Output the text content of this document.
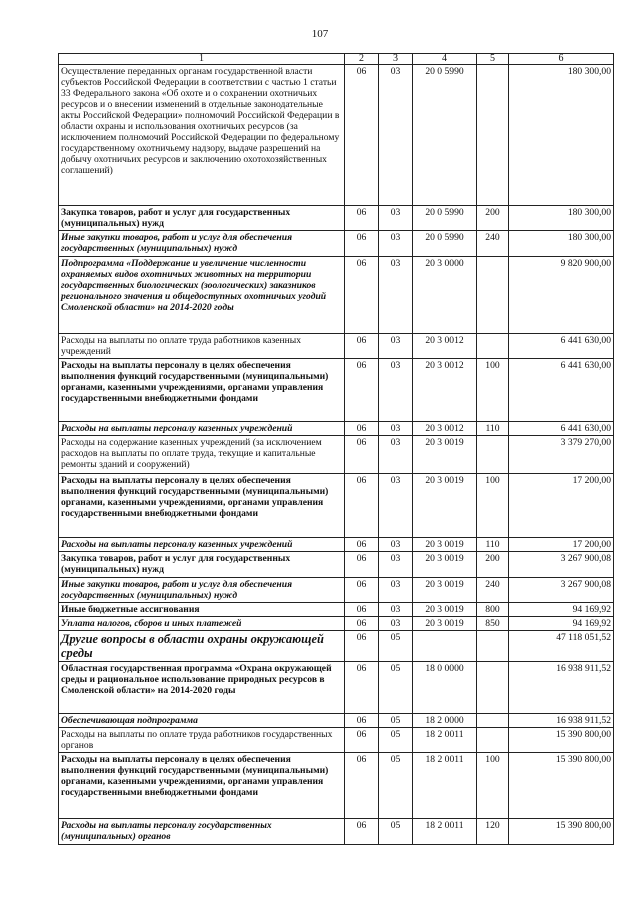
107
1	2	3	4	5	6
Осуществление переданных органам государственной власти субъектов Российской Федерации в соответствии с частью 1 статьи 33 Федерального закона «Об охоте и о сохранении охотничьих ресурсов и о внесении изменений в отдельные законодательные акты Российской Федерации» полномочий Российской Федерации в области охраны и использования охотничьих ресурсов (за исключением полномочий Российской Федерации по федеральному государственному охотничьему надзору, выдаче разрешений на добычу охотничьих ресурсов и заключению охотохозяйственных соглашений)	06	03	20 0 5990		180 300,00
Закупка товаров, работ и услуг для государственных (муниципальных) нужд	06	03	20 0 5990	200	180 300,00
Иные закупки товаров, работ и услуг для обеспечения государственных (муниципальных) нужд	06	03	20 0 5990	240	180 300,00
Подпрограмма «Поддержание и увеличение численности охраняемых видов охотничьих животных на территории государственных биологических (зоологических) заказников регионального значения и общедоступных охотничьих угодий Смоленской области» на 2014-2020 годы	06	03	20 3 0000		9 820 900,00
Расходы на выплаты по оплате труда работников казенных учреждений	06	03	20 3 0012		6 441 630,00
Расходы на выплаты персоналу в целях обеспечения выполнения функций государственными (муниципальными) органами, казенными учреждениями, органами управления государственными внебюджетными фондами	06	03	20 3 0012	100	6 441 630,00
Расходы на выплаты персоналу казенных учреждений	06	03	20 3 0012	110	6 441 630,00
Расходы на содержание казенных учреждений (за исключением расходов на выплаты по оплате труда, текущие и капитальные ремонты зданий и сооружений)	06	03	20 3 0019		3 379 270,00
Расходы на выплаты персоналу в целях обеспечения выполнения функций государственными (муниципальными) органами, казенными учреждениями, органами управления государственными внебюджетными фондами	06	03	20 3 0019	100	17 200,00
Расходы на выплаты персоналу казенных учреждений	06	03	20 3 0019	110	17 200,00
Закупка товаров, работ и услуг для государственных (муниципальных) нужд	06	03	20 3 0019	200	3 267 900,08
Иные закупки товаров, работ и услуг для обеспечения государственных (муниципальных) нужд	06	03	20 3 0019	240	3 267 900,08
Иные бюджетные ассигнования	06	03	20 3 0019	800	94 169,92
Уплата налогов, сборов и иных платежей	06	03	20 3 0019	850	94 169,92
Другие вопросы в области охраны окружающей среды	06	05			47 118 051,52
Областная государственная программа «Охрана окружающей среды и рациональное использование природных ресурсов в Смоленской области» на 2014-2020 годы	06	05	18 0 0000		16 938 911,52
Обеспечивающая подпрограмма	06	05	18 2 0000		16 938 911,52
Расходы на выплаты по оплате труда работников государственных органов	06	05	18 2 0011		15 390 800,00
Расходы на выплаты персоналу в целях обеспечения выполнения функций государственными (муниципальными) органами, казенными учреждениями, органами управления государственными внебюджетными фондами	06	05	18 2 0011	100	15 390 800,00
Расходы на выплаты персоналу государственных (муниципальных) органов	06	05	18 2 0011	120	15 390 800,00
